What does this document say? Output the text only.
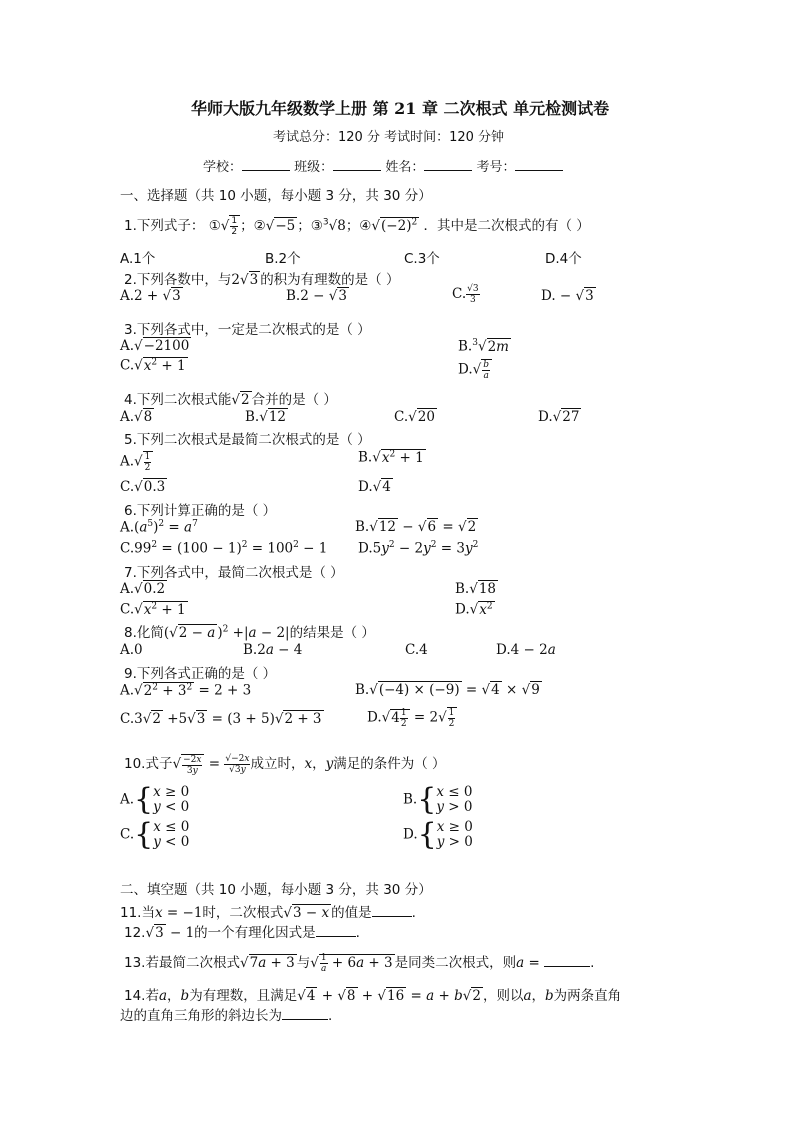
华师大版九年级数学上册 第 21 章 二次根式 单元检测试卷
考试总分：120 分 考试时间：120 分钟
学校：	班级：	姓名：	考号：
一、选择题（共 10 小题，每小题 3 分，共 30 分）
1.下列式子： ①√ $\frac{1}{2}$ ；②√−5 ；③$^3$√8；$④√(-2)^2$ ．其中是二次根式的有（ ）
A.1个	B.2个	C.3个	D.4个
2.下列各数中，与2√3 的积为有理数的是（ ）
A.2 + √3	B.2 − √3	C. $\frac{√3}{3}$	D. − √3
3.下列各式中，一定是二次根式的是（ ）
A.√−2100	B.$^3$√2m
$C.√x^2 + 1$	$D.√ \frac{b}{a}$
4.下列二次根式能√2 合并的是（ ）
A.√8	B.√12	C.√20	D.√27
5.下列二次根式是最简二次根式的是（ ）
$A.√ \frac{1}{2}$	$B.√x^2 + 1$
C.√0.3	D.√4
6.下列计算正确的是（ ）
$A.(a^5)^2 = a^7$	B.√12 − √6 = √2
$C.99^2 = (100 - 1)^2 = 100^2 - 1$ $D.5y^2 - 2y^2 = 3y^2$
7.下列各式中，最简二次根式是（ ）
A.√0.2	B.√18
$C.√x^2 + 1$	$D.√x^2$
8.化简(√2 − a )$^2$ +|a − 2|的结果是（ ）
A.0	B.2a − 4	C.4	D.4 − 2a
9.下列各式正确的是（ ）
$A.√2^2 + 3^2 = 2 + 3$	B.√(−4) × (−9) = √4 × √9
C.3√2 +5√3 = (3 + 5)√2 + 3	$D.√4 \frac{1}{2} = 2√ \frac{1}{2}$
10.式子√ $\frac{-2x}{3y} = \frac{√-2x}{√3y}$ 成立时，x，y满足的条件为（ ）
A.{x ≥ 0
y < 0	B.{x ≤ 0
y > 0
C.{x ≤ 0
y < 0	D.{x ≥ 0
y > 0
二、填空题（共 10 小题，每小题 3 分，共 30 分）
11.当x = −1时，二次根式√3 − x 的值是	.
12.√3 − 1的一个有理化因式是	.
13.若最简二次根式√7a + 3 与√ $\frac{1}{a} + 6a + 3$ 是同类二次根式，则a =	.
14.若a，b为有理数，且满足√4 + √8 + √16 = a + b√2 ，则以a，b为两条直角
边的直角三角形的斜边长为	.
